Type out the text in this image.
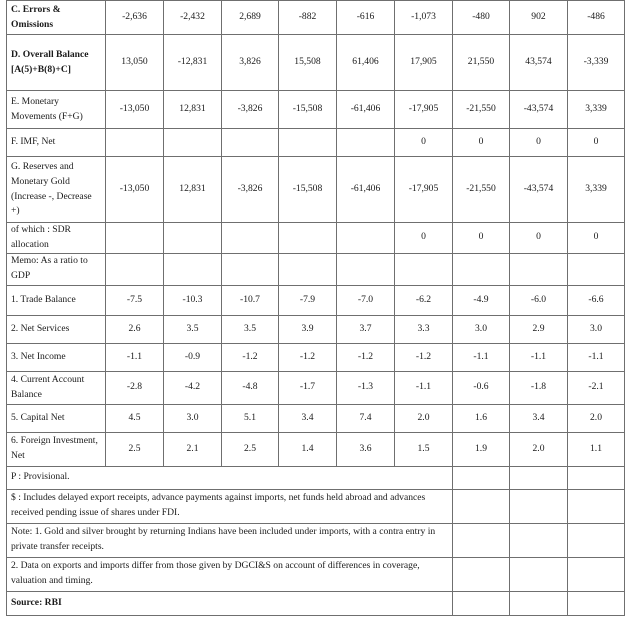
C. Errors & Omissions	-2,636	-2,432	2,689	-882	-616	-1,073	-480	902	-486
D. Overall Balance [A(5)+B(8)+C]	13,050	-12,831	3,826	15,508	61,406	17,905	21,550	43,574	-3,339
E. Monetary Movements (F+G)	-13,050	12,831	-3,826	-15,508	-61,406	-17,905	-21,550	-43,574	3,339
F. IMF, Net						0	0	0	0
G. Reserves and Monetary Gold (Increase -, Decrease +)	-13,050	12,831	-3,826	-15,508	-61,406	-17,905	-21,550	-43,574	3,339
of which : SDR allocation						0	0	0	0
Memo: As a ratio to GDP									
1. Trade Balance	-7.5	-10.3	-10.7	-7.9	-7.0	-6.2	-4.9	-6.0	-6.6
2. Net Services	2.6	3.5	3.5	3.9	3.7	3.3	3.0	2.9	3.0
3. Net Income	-1.1	-0.9	-1.2	-1.2	-1.2	-1.2	-1.1	-1.1	-1.1
4. Current Account Balance	-2.8	-4.2	-4.8	-1.7	-1.3	-1.1	-0.6	-1.8	-2.1
5. Capital Net	4.5	3.0	5.1	3.4	7.4	2.0	1.6	3.4	2.0
6. Foreign Investment, Net	2.5	2.1	2.5	1.4	3.6	1.5	1.9	2.0	1.1
P : Provisional.									
$ : Includes delayed export receipts, advance payments against imports, net funds held abroad and advances received pending issue of shares under FDI.									
Note: 1. Gold and silver brought by returning Indians have been included under imports, with a contra entry in private transfer receipts.									
2. Data on exports and imports differ from those given by DGCI&S on account of differences in coverage, valuation and timing.									
Source: RBI									
